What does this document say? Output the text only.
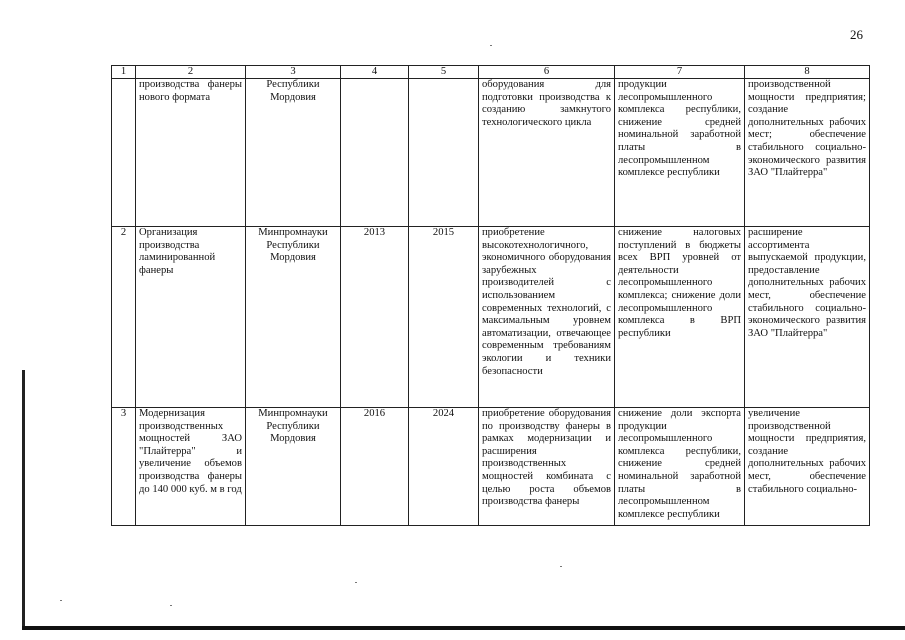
26
1	2	3	4	5	6	7	8
	производства фанеры нового формата	Республики Мордовия			оборудования для подготовки производства к созданию замкнутого технологического цикла	продукции лесопромышленного комплекса республики, снижение средней номинальной заработной платы в лесопромышленном комплексе республики	производственной мощности предприятия; создание дополнительных рабочих мест; обеспечение стабильного социально-экономического развития ЗАО "Плайтерра"
2	Организация производства ламинированной фанеры	Минпромнауки Республики Мордовия	2013	2015	приобретение высокотехнологичного, экономичного оборудования зарубежных производителей с использованием современных технологий, с максимальным уровнем автоматизации, отвечающее современным требованиям экологии и техники безопасности	снижение налоговых поступлений в бюджеты всех ВРП уровней от деятельности лесопромышленного комплекса; снижение доли лесопромышленного комплекса в ВРП республики	расширение ассортимента выпускаемой продукции, предоставление дополнительных рабочих мест, обеспечение стабильного социально-экономического развития ЗАО "Плайтерра"
3	Модернизация производственных мощностей ЗАО "Плайтерра" и увеличение объемов производства фанеры до 140 000 куб. м в год	Минпромнауки Республики Мордовия	2016	2024	приобретение оборудования по производству фанеры в рамках модернизации и расширения производственных мощностей комбината с целью роста объемов производства фанеры	снижение доли экспорта продукции лесопромышленного комплекса республики, снижение средней номинальной заработной платы в лесопромышленном комплексе республики	увеличение производственной мощности предприятия, создание дополнительных рабочих мест, обеспечение стабильного социально-
